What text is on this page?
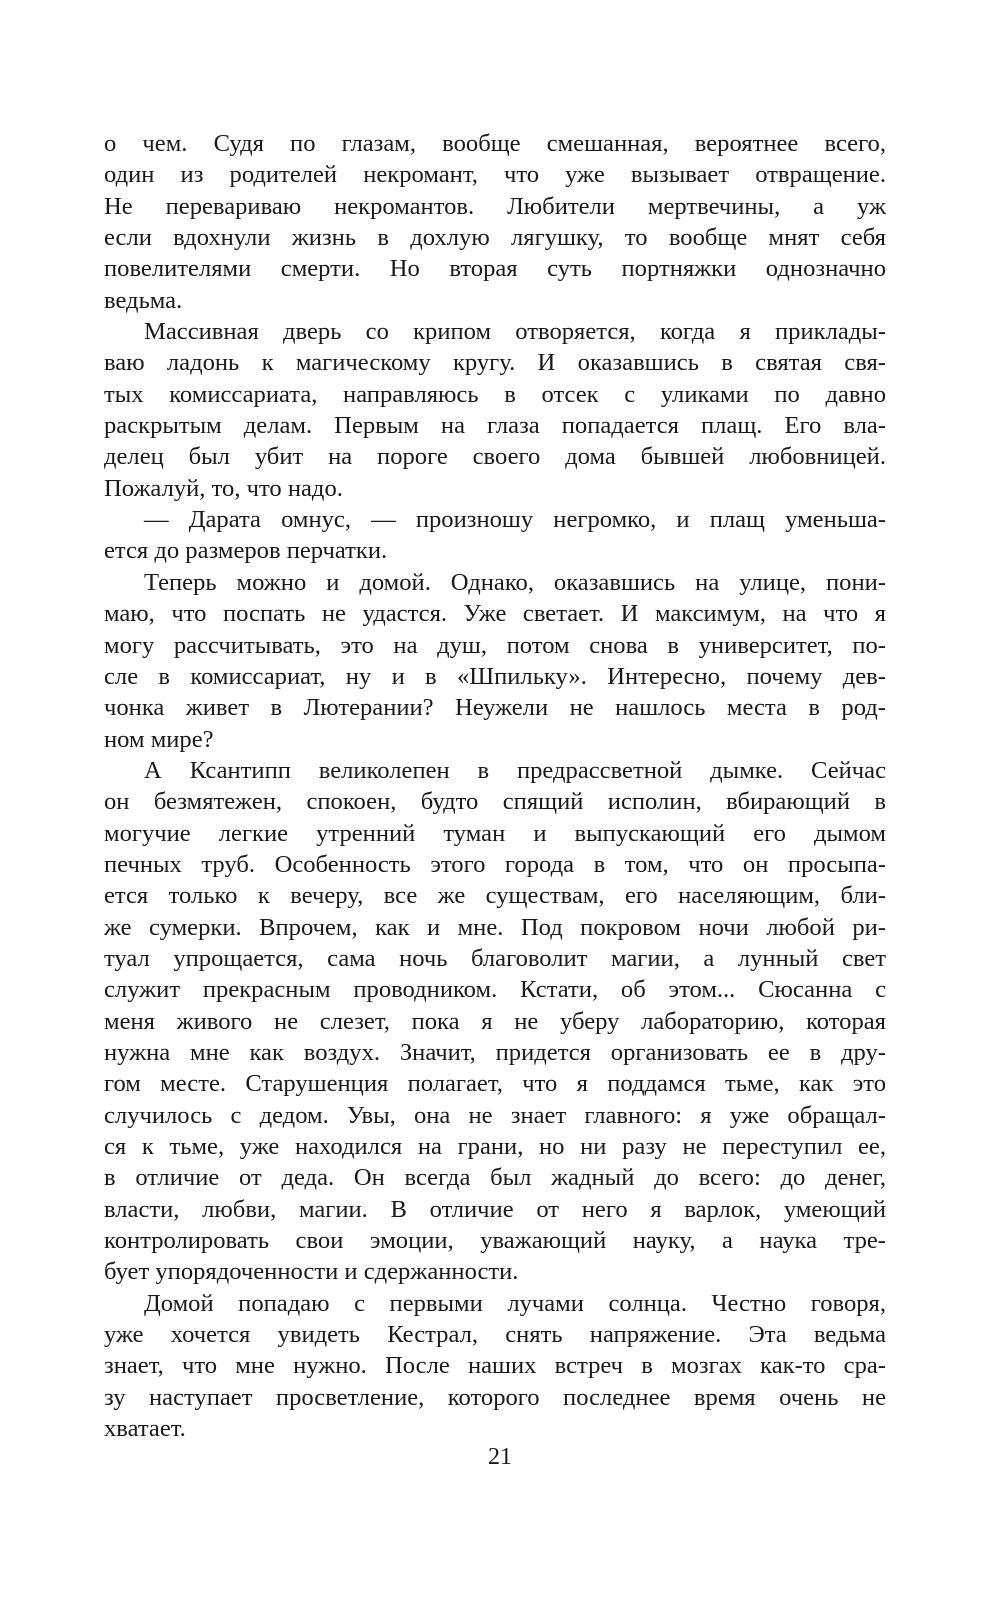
о чем. Судя по глазам, вообще смешанная, вероятнее всего,
один из родителей некромант, что уже вызывает отвращение.
Не перевариваю некромантов. Любители мертвечины, а уж
если вдохнули жизнь в дохлую лягушку, то вообще мнят себя
повелителями смерти. Но вторая суть портняжки однозначно
ведьма.
Массивная дверь со крипом отворяется, когда я приклады-
ваю ладонь к магическому кругу. И оказавшись в святая свя-
тых комиссариата, направляюсь в отсек с уликами по давно
раскрытым делам. Первым на глаза попадается плащ. Его вла-
делец был убит на пороге своего дома бывшей любовницей.
Пожалуй, то, что надо.
— Дарата омнус, — произношу негромко, и плащ уменьша-
ется до размеров перчатки.
Теперь можно и домой. Однако, оказавшись на улице, пони-
маю, что поспать не удастся. Уже светает. И максимум, на что я
могу рассчитывать, это на душ, потом снова в университет, по-
сле в комиссариат, ну и в «Шпильку». Интересно, почему дев-
чонка живет в Лютерании? Неужели не нашлось места в род-
ном мире?
А Ксантипп великолепен в предрассветной дымке. Сейчас
он безмятежен, спокоен, будто спящий исполин, вбирающий в
могучие легкие утренний туман и выпускающий его дымом
печных труб. Особенность этого города в том, что он просыпа-
ется только к вечеру, все же существам, его населяющим, бли-
же сумерки. Впрочем, как и мне. Под покровом ночи любой ри-
туал упрощается, сама ночь благоволит магии, а лунный свет
служит прекрасным проводником. Кстати, об этом... Сюсанна с
меня живого не слезет, пока я не уберу лабораторию, которая
нужна мне как воздух. Значит, придется организовать ее в дру-
гом месте. Старушенция полагает, что я поддамся тьме, как это
случилось с дедом. Увы, она не знает главного: я уже обращал-
ся к тьме, уже находился на грани, но ни разу не переступил ее,
в отличие от деда. Он всегда был жадный до всего: до денег,
власти, любви, магии. В отличие от него я варлок, умеющий
контролировать свои эмоции, уважающий науку, а наука тре-
бует упорядоченности и сдержанности.
Домой попадаю с первыми лучами солнца. Честно говоря,
уже хочется увидеть Кестрал, снять напряжение. Эта ведьма
знает, что мне нужно. После наших встреч в мозгах как-то сра-
зу наступает просветление, которого последнее время очень не
хватает.
21
